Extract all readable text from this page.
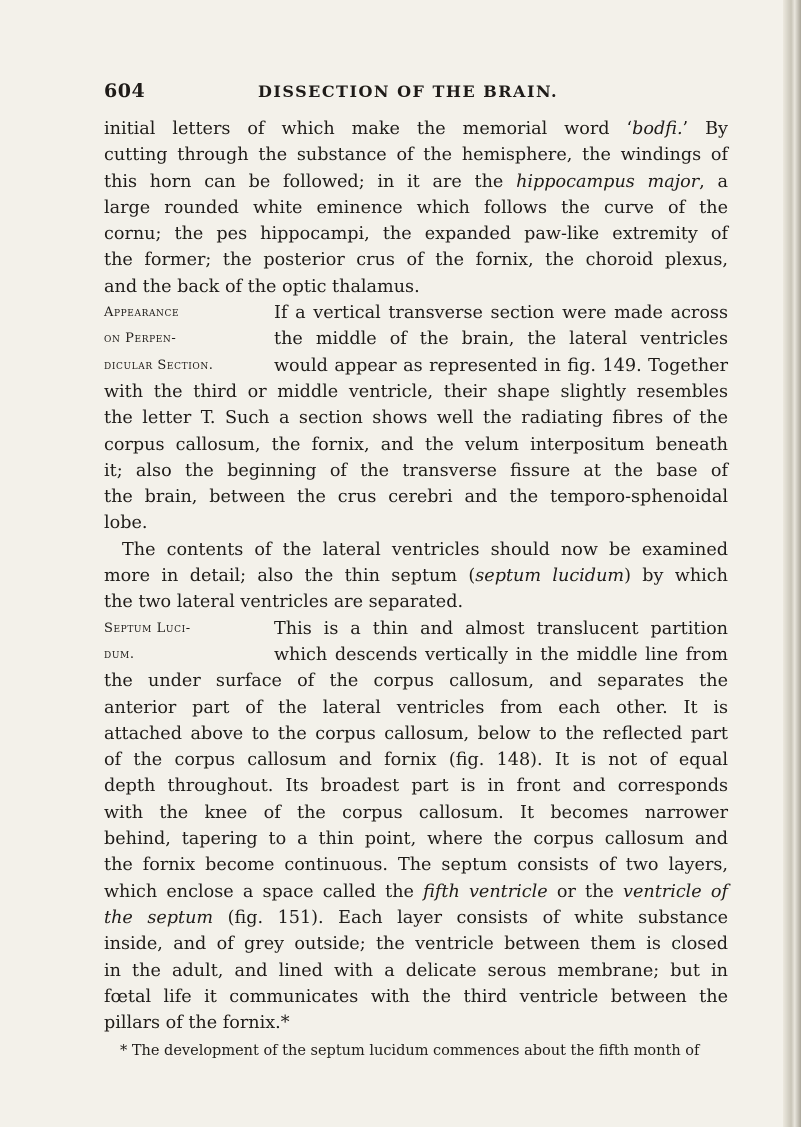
604	DISSECTION OF THE BRAIN.
initial letters of which make the memorial word ‘bodfi.’ By
cutting through the substance of the hemisphere, the windings of
this horn can be followed; in it are the hippocampus major, a
large rounded white eminence which follows the curve of the
cornu; the pes hippocampi, the expanded paw-like extremity of
the former; the posterior crus of the fornix, the choroid plexus,
and the back of the optic thalamus.
Appearance	If a vertical transverse section were made across
on Perpen-	the middle of the brain, the lateral ventricles
dicular Section.	would appear as represented in fig. 149. Together
with the third or middle ventricle, their shape slightly resembles
the letter T. Such a section shows well the radiating fibres of the
corpus callosum, the fornix, and the velum interpositum beneath
it; also the beginning of the transverse fissure at the base of
the brain, between the crus cerebri and the temporo-sphenoidal
lobe.
The contents of the lateral ventricles should now be examined
more in detail; also the thin septum (septum lucidum) by which
the two lateral ventricles are separated.
Septum Luci-	This is a thin and almost translucent partition
dum.	which descends vertically in the middle line from
the under surface of the corpus callosum, and separates the
anterior part of the lateral ventricles from each other. It is
attached above to the corpus callosum, below to the reflected part
of the corpus callosum and fornix (fig. 148). It is not of equal
depth throughout. Its broadest part is in front and corresponds
with the knee of the corpus callosum. It becomes narrower
behind, tapering to a thin point, where the corpus callosum and
the fornix become continuous. The septum consists of two layers,
which enclose a space called the fifth ventricle or the ventricle of
the septum (fig. 151). Each layer consists of white substance
inside, and of grey outside; the ventricle between them is closed
in the adult, and lined with a delicate serous membrane; but in
fœtal life it communicates with the third ventricle between the
pillars of the fornix.*
* The development of the septum lucidum commences about the fifth month of
